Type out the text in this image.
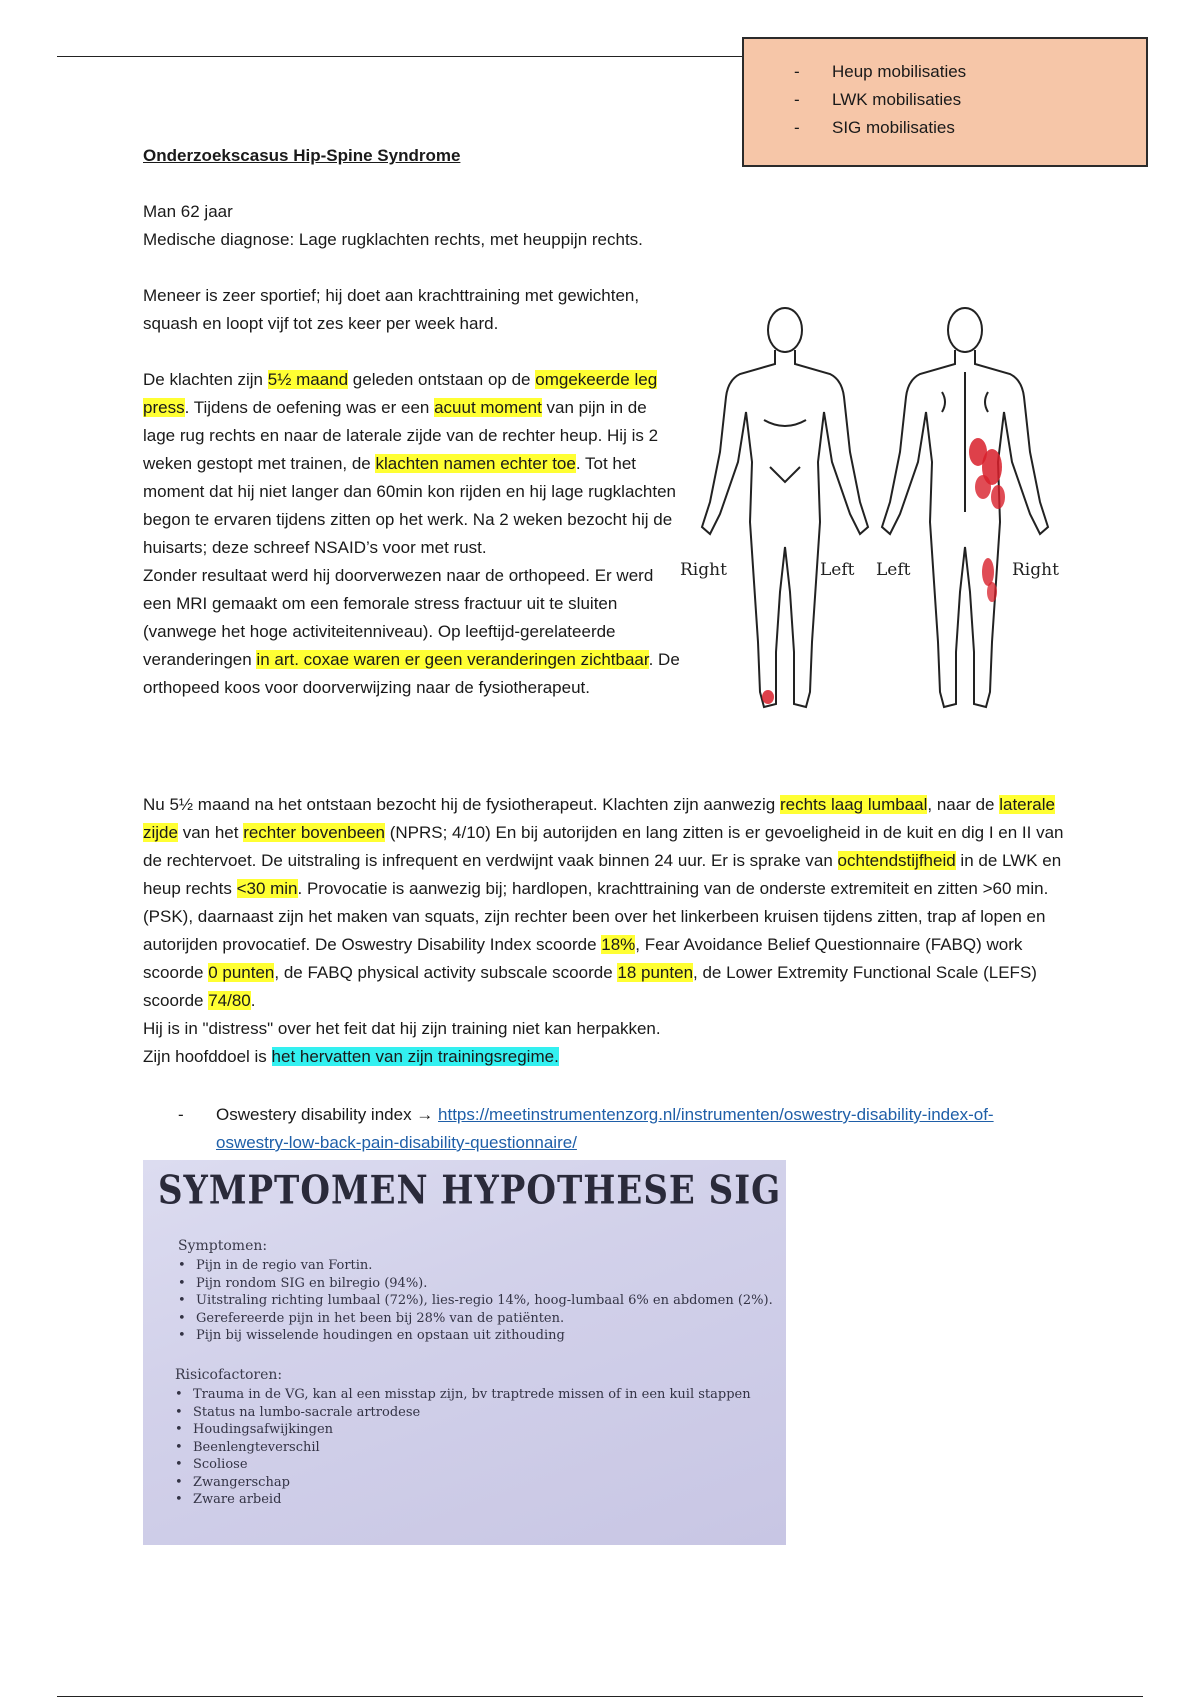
-	Heup mobilisaties
-	LWK mobilisaties
-	SIG mobilisaties
Onderzoekscasus Hip-Spine Syndrome
Man 62 jaar
Medische diagnose: Lage rugklachten rechts, met heuppijn rechts.
Meneer is zeer sportief; hij doet aan krachttraining met gewichten, squash en loopt vijf tot zes keer per week hard.
De klachten zijn 5½ maand geleden ontstaan op de omgekeerde leg press. Tijdens de oefening was er een acuut moment van pijn in de lage rug rechts en naar de laterale zijde van de rechter heup. Hij is 2 weken gestopt met trainen, de klachten namen echter toe. Tot het moment dat hij niet langer dan 60min kon rijden en hij lage rugklachten begon te ervaren tijdens zitten op het werk. Na 2 weken bezocht hij de huisarts; deze schreef NSAID’s voor met rust.
Zonder resultaat werd hij doorverwezen naar de orthopeed. Er werd een MRI gemaakt om een femorale stress fractuur uit te sluiten (vanwege het hoge activiteitenniveau). Op leeftijd-gerelateerde veranderingen in art. coxae waren er geen veranderingen zichtbaar. De orthopeed koos voor doorverwijzing naar de fysiotherapeut.
Right	Left Left	Right
Nu 5½ maand na het ontstaan bezocht hij de fysiotherapeut. Klachten zijn aanwezig rechts laag lumbaal, naar de laterale zijde van het rechter bovenbeen (NPRS; 4/10) En bij autorijden en lang zitten is er gevoeligheid in de kuit en dig I en II van de rechtervoet. De uitstraling is infrequent en verdwijnt vaak binnen 24 uur. Er is sprake van ochtendstijfheid in de LWK en heup rechts <30 min. Provocatie is aanwezig bij; hardlopen, krachttraining van de onderste extremiteit en zitten >60 min. (PSK), daarnaast zijn het maken van squats, zijn rechter been over het linkerbeen kruisen tijdens zitten, trap af lopen en autorijden provocatief. De Oswestry Disability Index scoorde 18%, Fear Avoidance Belief Questionnaire (FABQ) work scoorde 0 punten, de FABQ physical activity subscale scoorde 18 punten, de Lower Extremity Functional Scale (LEFS) scoorde 74/80.
Hij is in "distress" over het feit dat hij zijn training niet kan herpakken.
Zijn hoofddoel is het hervatten van zijn trainingsregime.
-	Oswestery disability index → https://meetinstrumentenzorg.nl/instrumenten/oswestry-disability-index-of-oswestry-low-back-pain-disability-questionnaire/
SYMPTOMEN HYPOTHESE SIG
Symptomen:
• Pijn in de regio van Fortin.
• Pijn rondom SIG en bilregio (94%).
• Uitstraling richting lumbaal (72%), lies-regio 14%, hoog-lumbaal 6% en abdomen (2%).
• Gerefereerde pijn in het been bij 28% van de patiënten.
• Pijn bij wisselende houdingen en opstaan uit zithouding
Risicofactoren:
• Trauma in de VG, kan al een misstap zijn, bv traptrede missen of in een kuil stappen
• Status na lumbo-sacrale artrodese
• Houdingsafwijkingen
• Beenlengteverschil
• Scoliose
• Zwangerschap
• Zware arbeid
